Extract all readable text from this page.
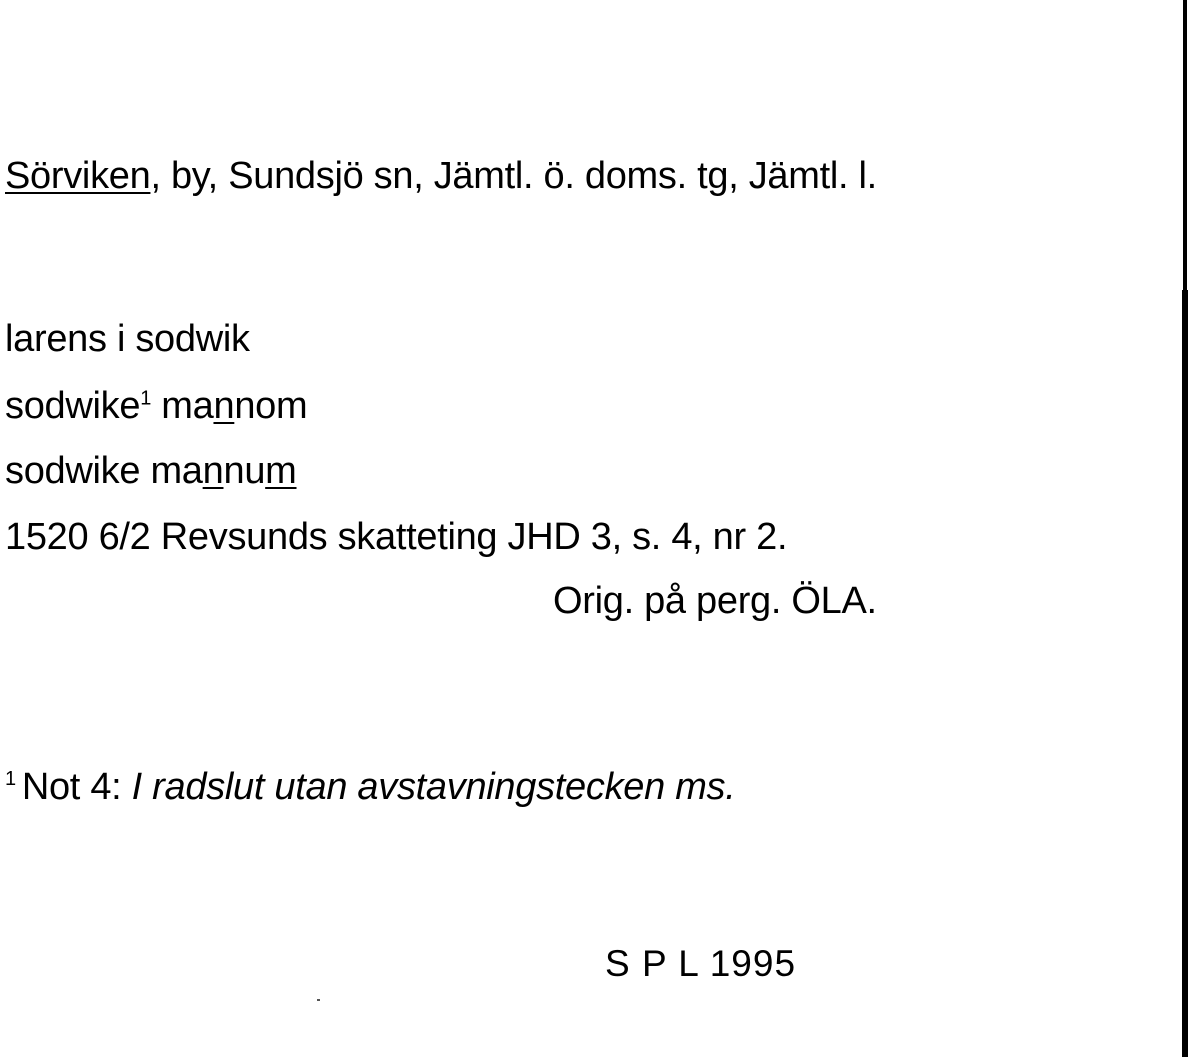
Sörviken, by, Sundsjö sn, Jämtl. ö. doms. tg, Jämtl. l.
larens i sodwik
sodwike$^1$ mannom
sodwike mannum
1520 6/2 Revsunds skatteting JHD 3, s. 4, nr 2.
Orig. på perg. ÖLA.
$^1$ Not 4: I radslut utan avstavningstecken ms.
S P L 1995
